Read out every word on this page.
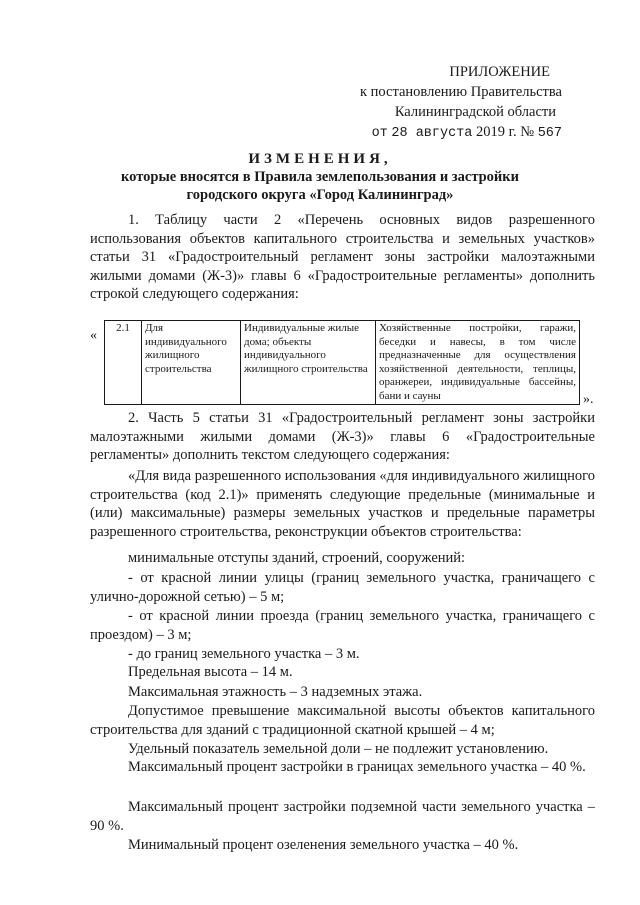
ПРИЛОЖЕНИЕ
к постановлению Правительства
Калининградской области
от 28 августа 2019 г. № 567
ИЗМЕНЕНИЯ,
которые вносятся в Правила землепользования и застройки
городского округа «Город Калининград»
1. Таблицу части 2 «Перечень основных видов разрешенного использования объектов капитального строительства и земельных участков» статьи 31 «Градостроительный регламент зоны застройки малоэтажными жилыми домами (Ж-3)» главы 6 «Градостроительные регламенты» дополнить строкой следующего содержания:
« 2.1	Для индивидуального жилищного строительства	Индивидуальные жилые дома; объекты индивидуального жилищного строительства	Хозяйственные постройки, гаражи, беседки и навесы, в том числе предназначенные для осуществления хозяйственной деятельности, теплицы, оранжереи, индивидуальные бассейны, бани и сауны	».
2. Часть 5 статьи 31 «Градостроительный регламент зоны застройки малоэтажными жилыми домами (Ж-3)» главы 6 «Градостроительные регламенты» дополнить текстом следующего содержания:
«Для вида разрешенного использования «для индивидуального жилищного строительства (код 2.1)» применять следующие предельные (минимальные и (или) максимальные) размеры земельных участков и предельные параметры разрешенного строительства, реконструкции объектов строительства:
минимальные отступы зданий, строений, сооружений:
- от красной линии улицы (границ земельного участка, граничащего с улично-дорожной сетью) – 5 м;
- от красной линии проезда (границ земельного участка, граничащего с проездом) – 3 м;
- до границ земельного участка – 3 м.
Предельная высота – 14 м.
Максимальная этажность – 3 надземных этажа.
Допустимое превышение максимальной высоты объектов капитального строительства для зданий с традиционной скатной крышей – 4 м;
Удельный показатель земельной доли – не подлежит установлению.
Максимальный процент застройки в границах земельного участка – 40 %.
Максимальный процент застройки подземной части земельного участка – 90 %.
Минимальный процент озеленения земельного участка – 40 %.
